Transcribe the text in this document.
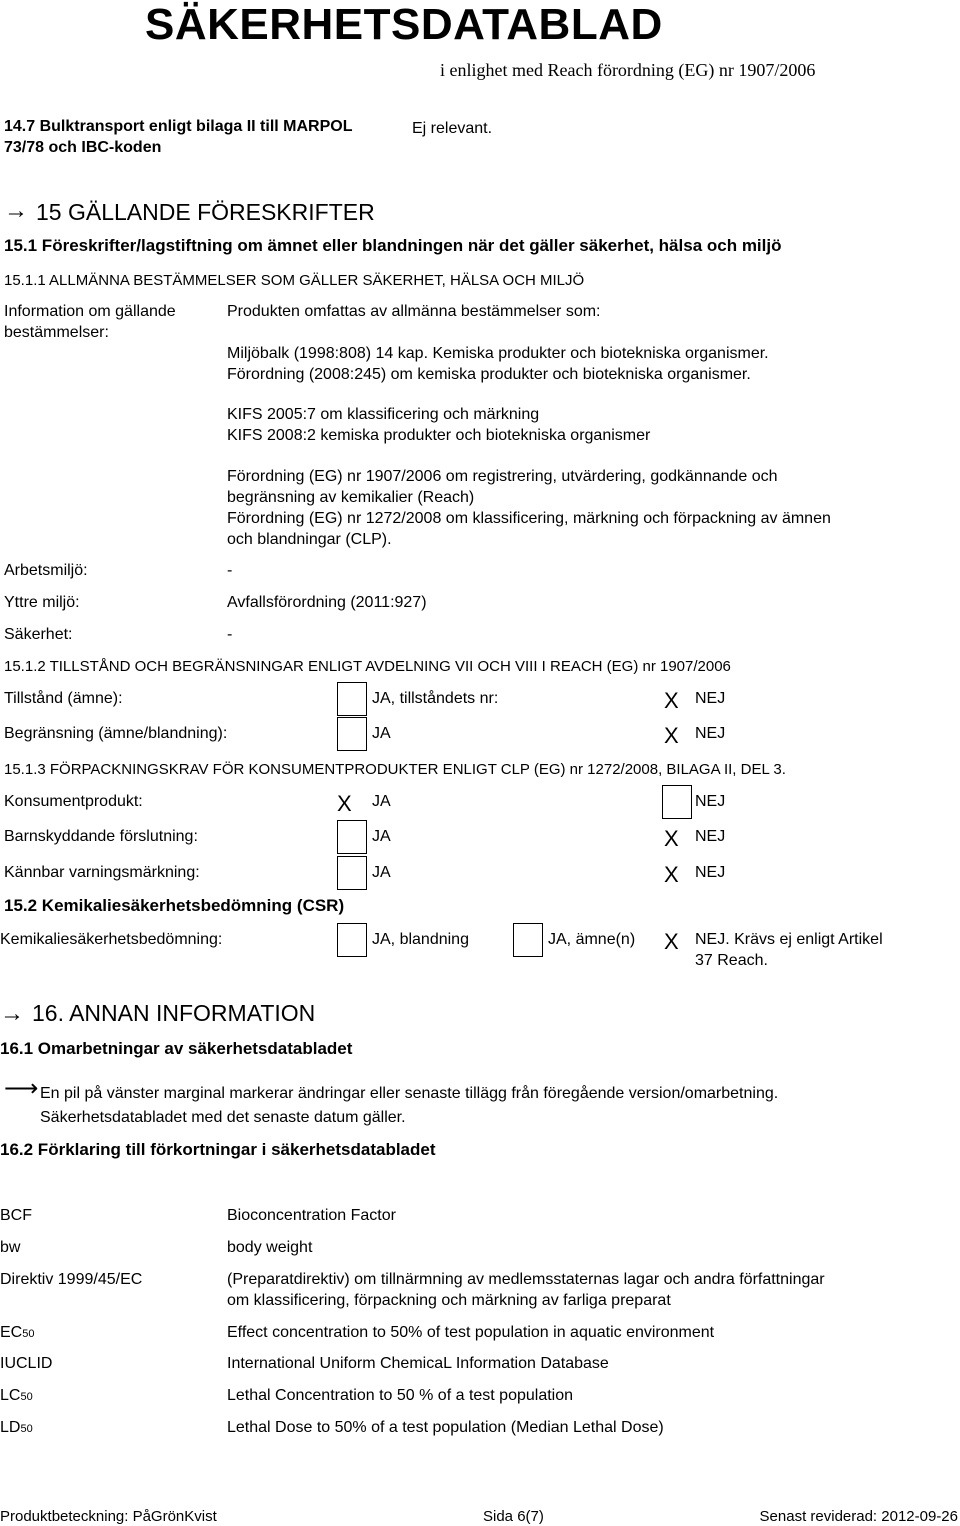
SÄKERHETSDATABLAD
i enlighet med Reach förordning (EG) nr 1907/2006
14.7 Bulktransport enligt bilaga II till MARPOL
73/78 och IBC-koden
Ej relevant.
→ 15 GÄLLANDE FÖRESKRIFTER
15.1 Föreskrifter/lagstiftning om ämnet eller blandningen när det gäller säkerhet, hälsa och miljö
15.1.1 ALLMÄNNA BESTÄMMELSER SOM GÄLLER SÄKERHET, HÄLSA OCH MILJÖ
Information om gällande
bestämmelser:
Produkten omfattas av allmänna bestämmelser som:
Miljöbalk (1998:808) 14 kap. Kemiska produkter och biotekniska organismer.
Förordning (2008:245) om kemiska produkter och biotekniska organismer.
KIFS 2005:7 om klassificering och märkning
KIFS 2008:2 kemiska produkter och biotekniska organismer
Förordning (EG) nr 1907/2006 om registrering, utvärdering, godkännande och
begränsning av kemikalier (Reach)
Förordning (EG) nr 1272/2008 om klassificering, märkning och förpackning av ämnen
och blandningar (CLP).
Arbetsmiljö:	-
Yttre miljö:	Avfallsförordning (2011:927)
Säkerhet:	-
15.1.2 TILLSTÅND OCH BEGRÄNSNINGAR ENLIGT AVDELNING VII OCH VIII I REACH (EG) nr 1907/2006
Tillstånd (ämne):	JA, tillståndets nr:	X NEJ
Begränsning (ämne/blandning):	JA	X NEJ
15.1.3 FÖRPACKNINGSKRAV FÖR KONSUMENTPRODUKTER ENLIGT CLP (EG) nr 1272/2008, BILAGA II, DEL 3.
Konsumentprodukt:	X JA	NEJ
Barnskyddande förslutning:	JA	X NEJ
Kännbar varningsmärkning:	JA	X NEJ
15.2 Kemikaliesäkerhetsbedömning (CSR)
Kemikaliesäkerhetsbedömning:	JA, blandning	JA, ämne(n) X NEJ. Krävs ej enligt Artikel
37 Reach.
→ 16. ANNAN INFORMATION
16.1 Omarbetningar av säkerhetsdatabladet
⟶ En pil på vänster marginal markerar ändringar eller senaste tillägg från föregående version/omarbetning.
Säkerhetsdatabladet med det senaste datum gäller.
16.2 Förklaring till förkortningar i säkerhetsdatabladet
BCF	Bioconcentration Factor
bw	body weight
Direktiv 1999/45/EC	(Preparatdirektiv) om tillnärmning av medlemsstaternas lagar och andra författningar
om klassificering, förpackning och märkning av farliga preparat
EC50	Effect concentration to 50% of test population in aquatic environment
IUCLID	International Uniform ChemicaL Information Database
LC50	Lethal Concentration to 50 % of a test population
LD50	Lethal Dose to 50% of a test population (Median Lethal Dose)
Produktbeteckning: PåGrönKvist	Sida 6(7)	Senast reviderad: 2012-09-26
